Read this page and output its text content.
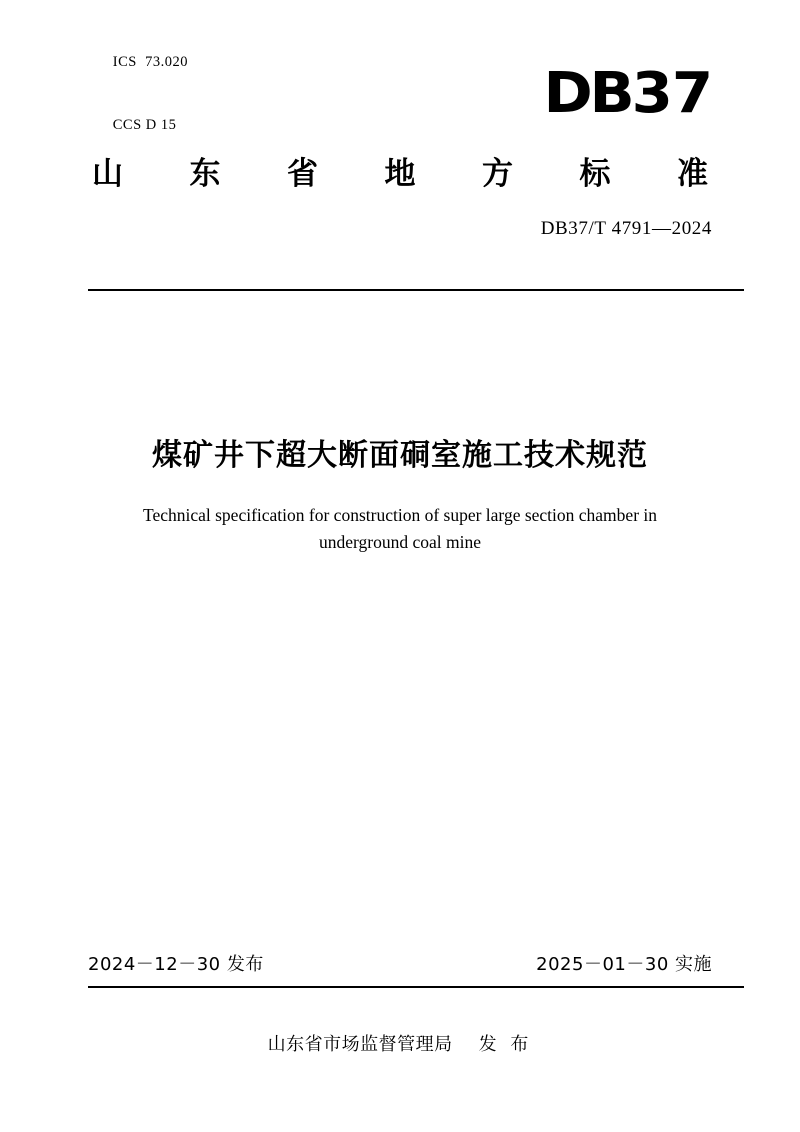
ICS 73.020

CCS D 15
	DB37
山 东 省 地 方 标 准
DB37/T 4791—2024
煤矿井下超大断面硐室施工技术规范
Technical specification for construction of super large section chamber in
underground coal mine
2024－12－30 发布	2025－01－30 实施
山东省市场监督管理局 发 布
